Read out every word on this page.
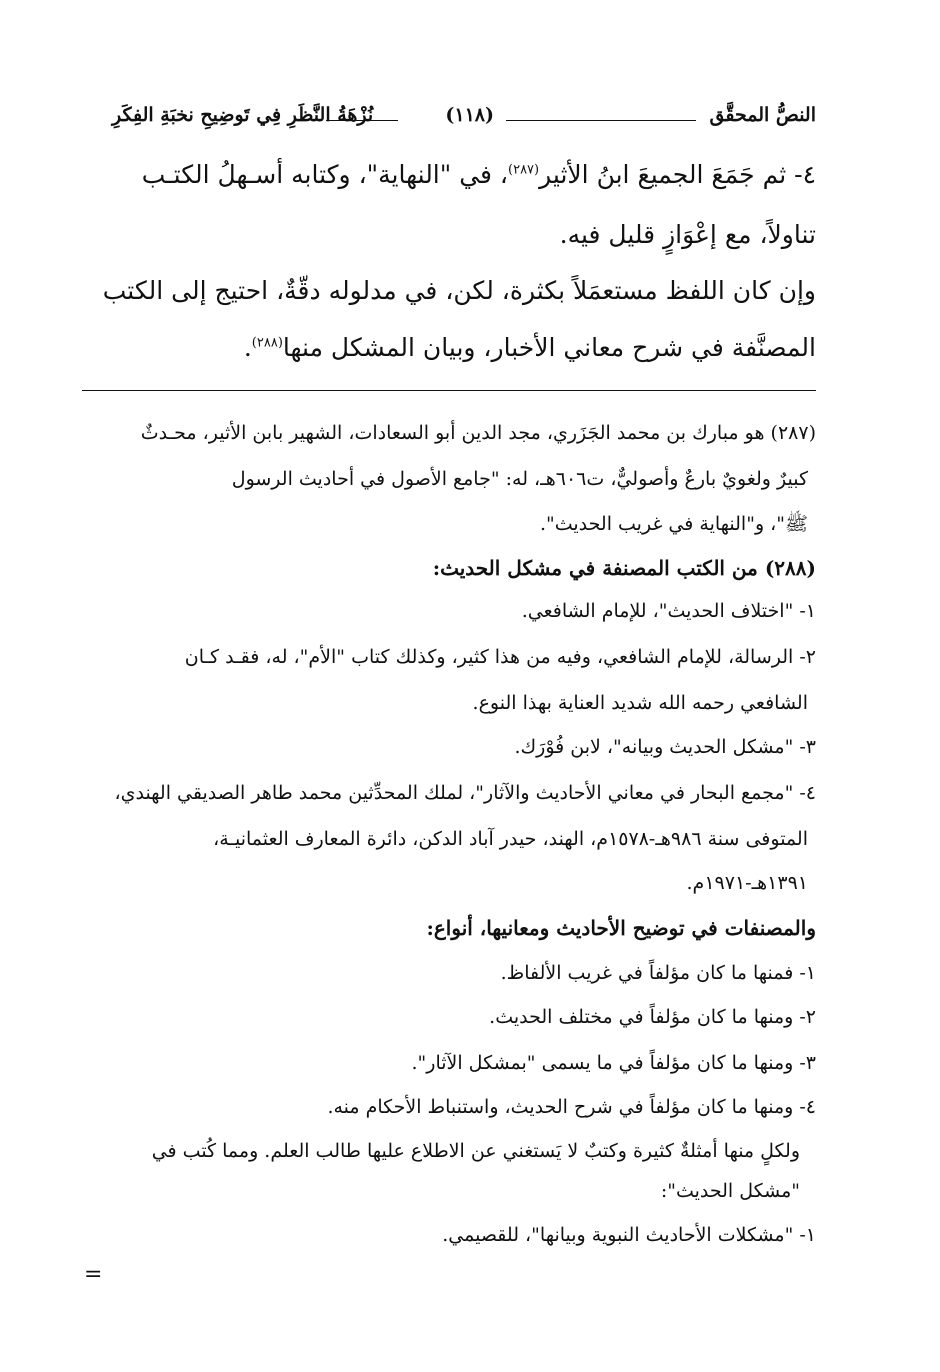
النصُّ المحقَّق
(١١٨)
نُزْهَةُ النَّظَرِ فِي تَوضِيحِ نخبَةِ الفِكَرِ
٤- ثم جَمَعَ الجميعَ ابنُ الأثير$^{(٢٨٧)}$، في "النهاية"، وكتابه أسـهلُ الكتـب
تناولاً، مع إعْوَازٍ قليل فيه.
وإن كان اللفظ مستعمَلاً بكثرة، لكن، في مدلوله دقّةٌ، احتيج إلى الكتب
المصنَّفة في شرح معاني الأخبار، وبيان المشكل منها$^{(٢٨٨)}$.
(٢٨٧) هو مبارك بن محمد الجَزَري، مجد الدين أبو السعادات، الشهير بابن الأثير، محـدثٌ
كبيرٌ ولغويٌ بارعٌ وأصوليٌّ، ت٦٠٦هـ، له: "جامع الأصول في أحاديث الرسول
ﷺ"، و"النهاية في غريب الحديث".
(٢٨٨) من الكتب المصنفة في مشكل الحديث:
١- "اختلاف الحديث"، للإمام الشافعي.
٢- الرسالة، للإمام الشافعي، وفيه من هذا كثير، وكذلك كتاب "الأم"، له، فقـد كـان
الشافعي رحمه الله شديد العناية بهذا النوع.
٣- "مشكل الحديث وبيانه"، لابن فُوْرَك.
٤- "مجمع البحار في معاني الأحاديث والآثار"، لملك المحدِّثين محمد طاهر الصديقي الهندي،
المتوفى سنة ٩٨٦هـ-١٥٧٨م، الهند، حيدر آباد الدكن، دائرة المعارف العثمانيـة،
١٣٩١هـ-١٩٧١م.
والمصنفات في توضيح الأحاديث ومعانيها، أنواع:
١- فمنها ما كان مؤلفاً في غريب الألفاظ.
٢- ومنها ما كان مؤلفاً في مختلف الحديث.
٣- ومنها ما كان مؤلفاً في ما يسمى "بمشكل الآثار".
٤- ومنها ما كان مؤلفاً في شرح الحديث، واستنباط الأحكام منه.
ولكلٍ منها أمثلةٌ كثيرة وكتبٌ لا يَستغني عن الاطلاع عليها طالب العلم. ومما كُتب في
"مشكل الحديث":
١- "مشكلات الأحاديث النبوية وبيانها"، للقصيمي.
=
